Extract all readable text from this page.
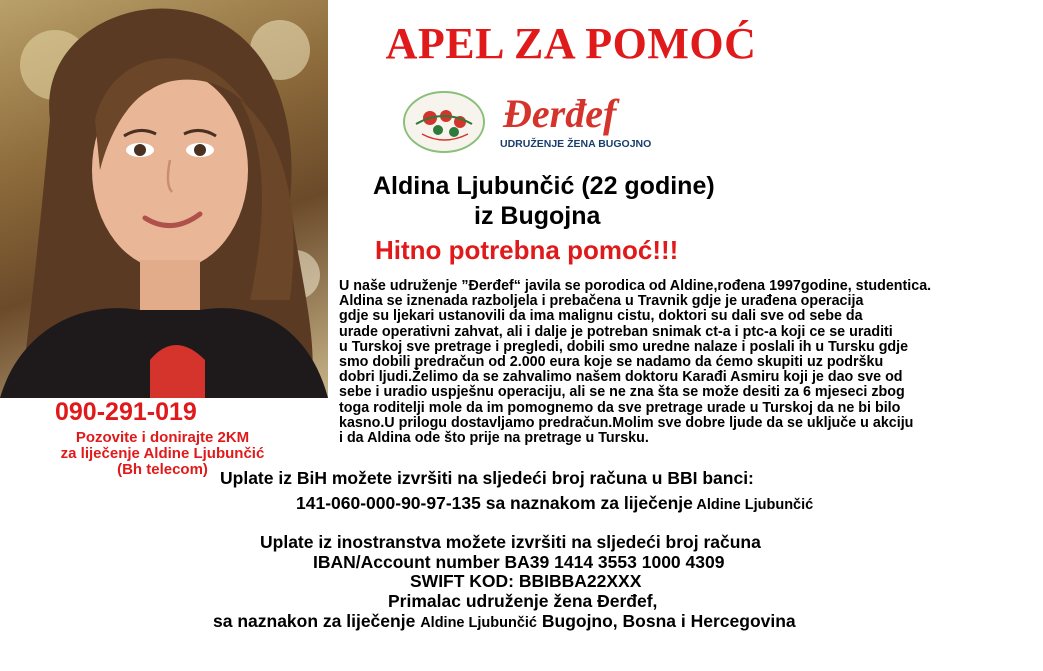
APEL ZA POMOĆ
Đerđef
UDRUŽENJE ŽENA BUGOJNO
Aldina Ljubunčić (22 godine)
iz Bugojna
Hitno potrebna pomoć!!!
U naše udruženje ”Đerđef“ javila se porodica od Aldine,rođena 1997godine, studentica.
Aldina se iznenada razboljela i prebačena u Travnik gdje je urađena operacija
gdje su ljekari ustanovili da ima malignu cistu, doktori su dali sve od sebe da
urade operativni zahvat, ali i dalje je potreban snimak ct-a i ptc-a koji ce se uraditi
u Turskoj sve pretrage i pregledi, dobili smo uredne nalaze i poslali ih u Tursku gdje
smo dobili predračun od 2.000 eura koje se nadamo da ćemo skupiti uz podršku
dobri ljudi.Želimo da se zahvalimo našem doktoru Karađi Asmiru koji je dao sve od
sebe i uradio uspješnu operaciju, ali se ne zna šta se može desiti za 6 mjeseci zbog
toga roditelji mole da im pomognemo da sve pretrage urade u Turskoj da ne bi bilo
kasno.U prilogu dostavljamo predračun.Molim sve dobre ljude da se uključe u akciju
i da Aldina ode što prije na pretrage u Tursku.
090-291-019
Pozovite i donirajte 2KM
za liječenje Aldine Ljubunčić
(Bh telecom) Uplate iz BiH možete izvršiti na sljedeći broj računa u BBI banci:
141-060-000-90-97-135 sa naznakom za liječenje Aldine Ljubunčić
Uplate iz inostranstva možete izvršiti na sljedeći broj računa
IBAN/Account number BA39 1414 3553 1000 4309
SWIFT KOD: BBIBBA22XXX
Primalac udruženje žena Đerđef,
sa naznakon za liječenje Aldine Ljubunčić Bugojno, Bosna i Hercegovina
